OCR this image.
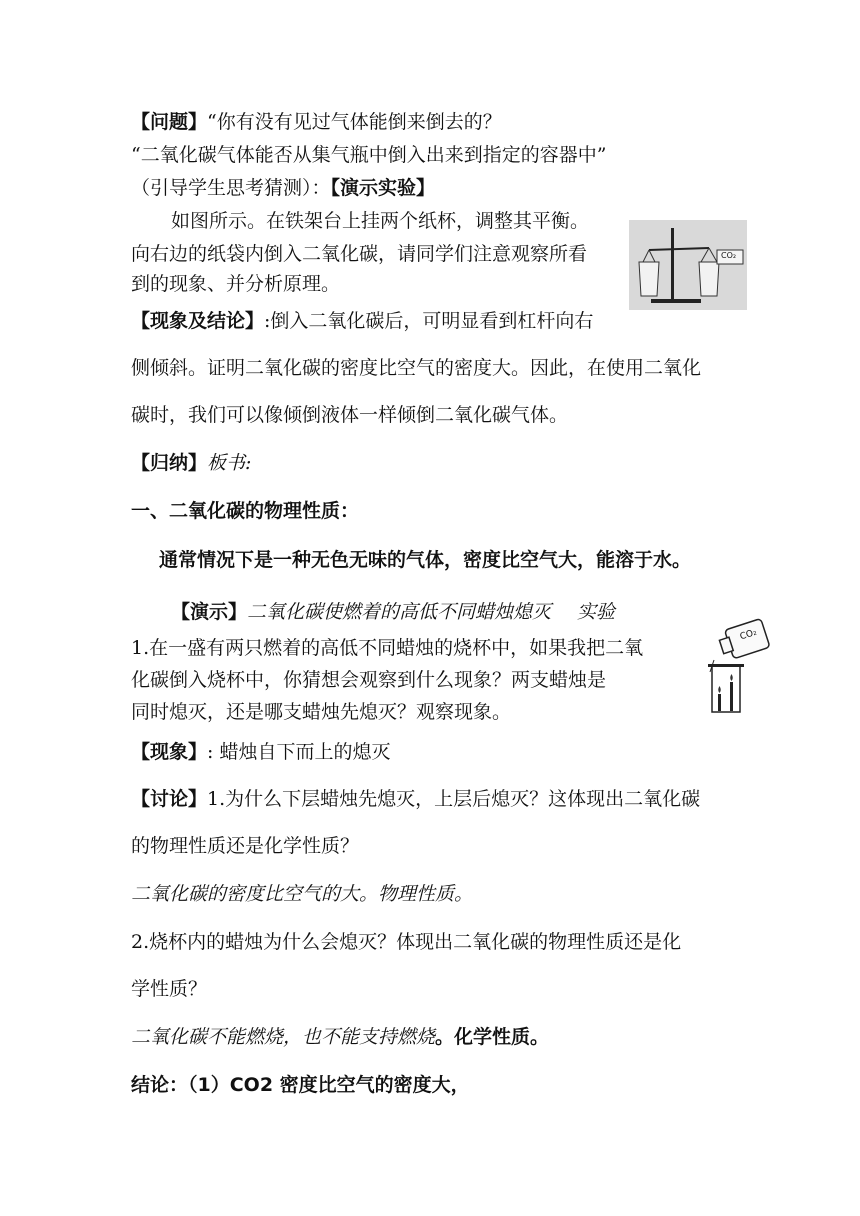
【问题】“你有没有见过气体能倒来倒去的？
“二氧化碳气体能否从集气瓶中倒入出来到指定的容器中”
（引导学生思考猜测）：【演示实验】
如图所示。在铁架台上挂两个纸杯，调整其平衡。
向右边的纸袋内倒入二氧化碳，请同学们注意观察所看
到的现象、并分析原理。
CO₂
【现象及结论】:倒入二氧化碳后，可明显看到杠杆向右
侧倾斜。证明二氧化碳的密度比空气的密度大。因此，在使用二氧化
碳时，我们可以像倾倒液体一样倾倒二氧化碳气体。
【归纳】板书:
一、二氧化碳的物理性质：
通常情况下是一种无色无味的气体，密度比空气大，能溶于水。
【演示】二氧化碳使燃着的高低不同蜡烛熄灭 实验
1.在一盛有两只燃着的高低不同蜡烛的烧杯中，如果我把二氧
化碳倒入烧杯中，你猜想会观察到什么现象？两支蜡烛是
同时熄灭，还是哪支蜡烛先熄灭？观察现象。
CO₂
【现象】: 蜡烛自下而上的熄灭
【讨论】1.为什么下层蜡烛先熄灭，上层后熄灭？这体现出二氧化碳
的物理性质还是化学性质？
二氧化碳的密度比空气的大。物理性质。
2.烧杯内的蜡烛为什么会熄灭？体现出二氧化碳的物理性质还是化
学性质？
二氧化碳不能燃烧，也不能支持燃烧。化学性质。
结论：（1）CO2 密度比空气的密度大，
